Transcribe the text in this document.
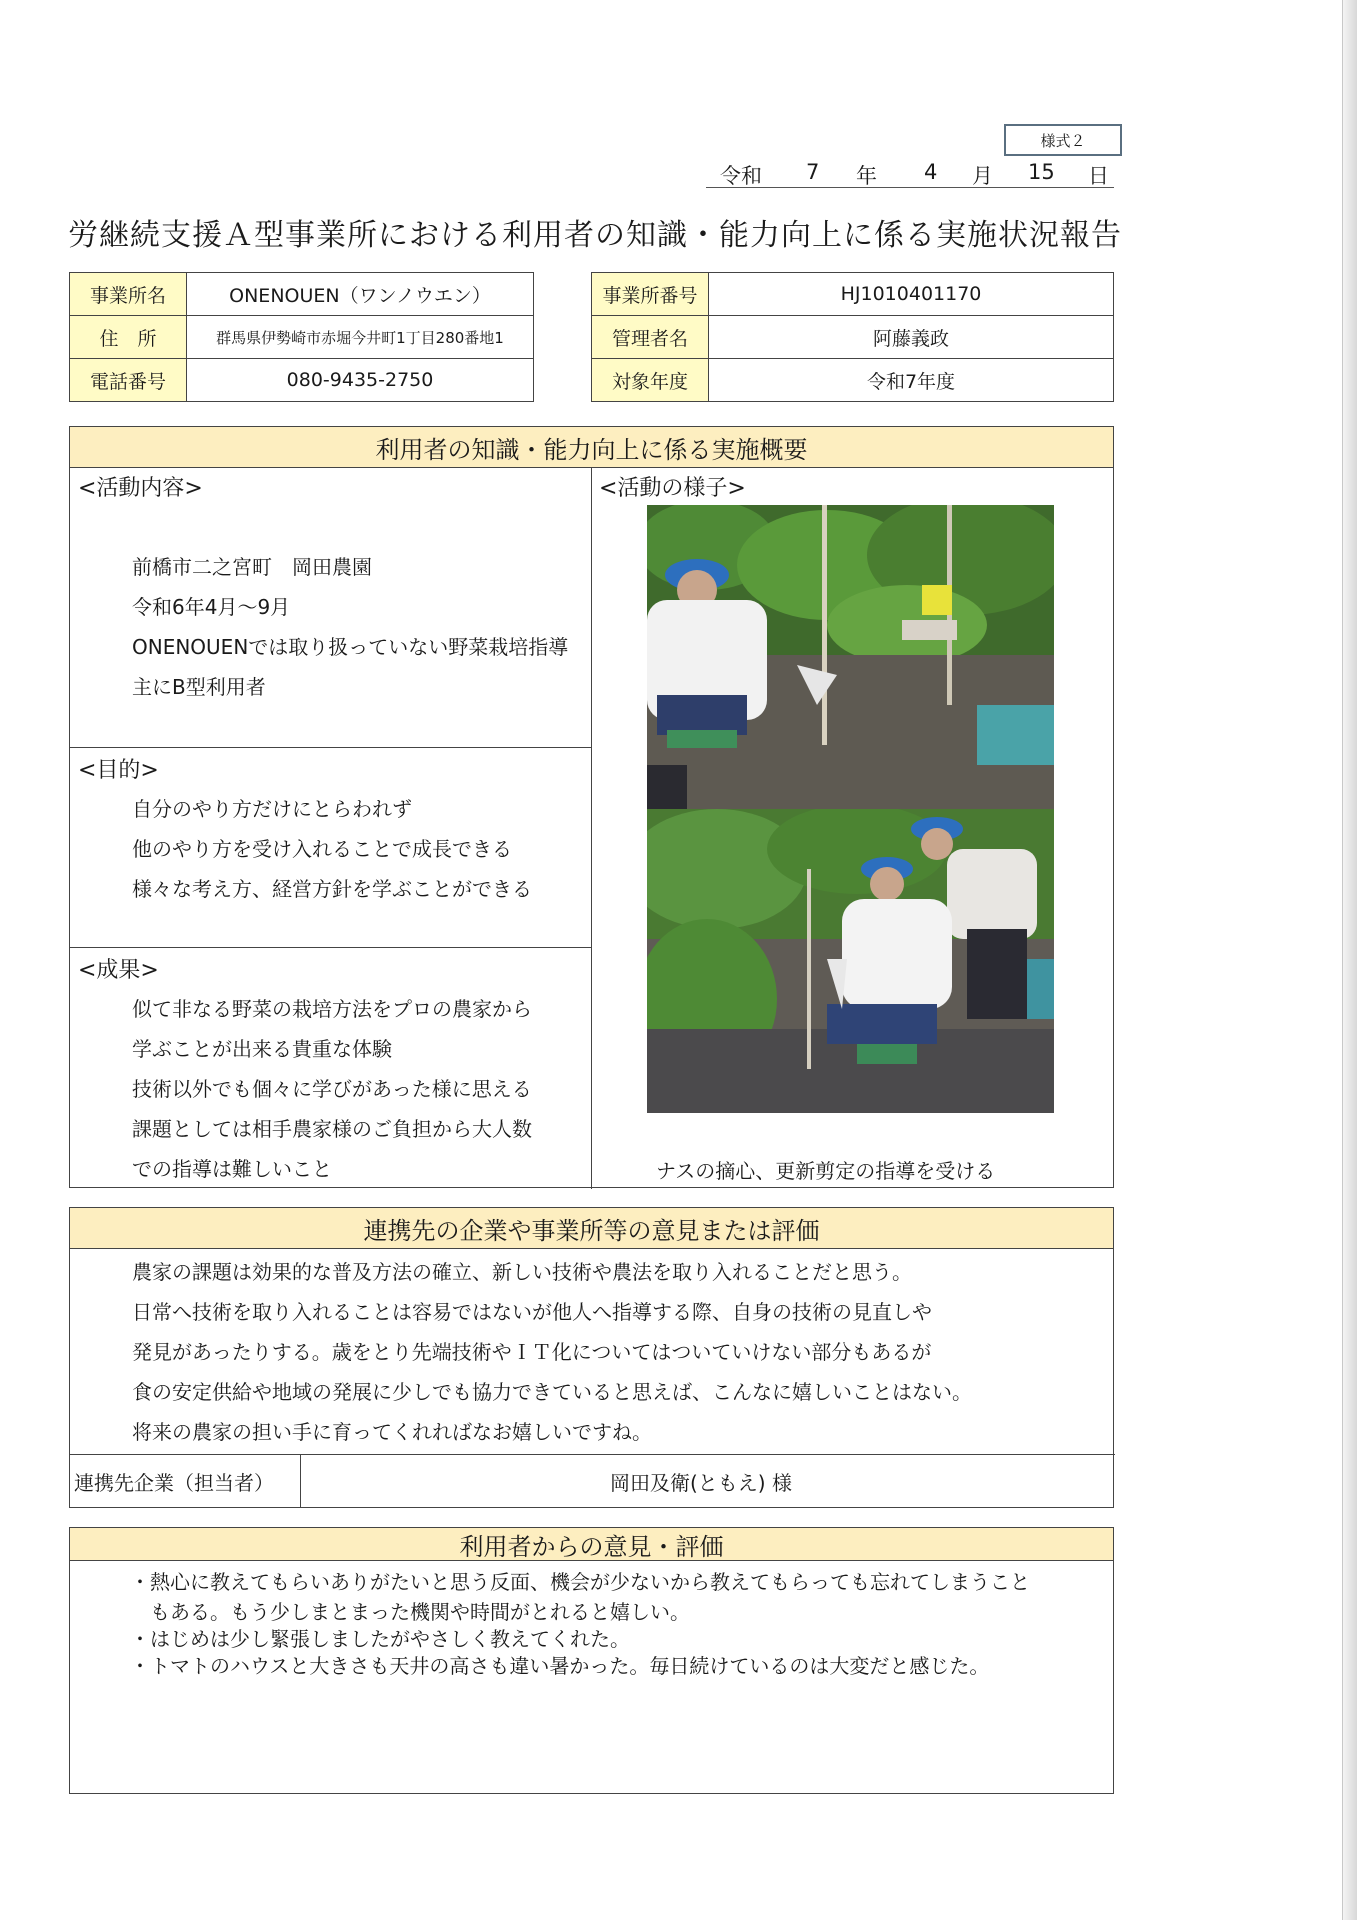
様式２
令和 7 年 4 月 15 日
労継続支援Ａ型事業所における利用者の知識・能力向上に係る実施状況報告
事業所名	ONENOUEN（ワンノウエン）
住　所	群馬県伊勢崎市赤堀今井町1丁目280番地1
電話番号	080-9435-2750
事業所番号	HJ1010401170
管理者名	阿藤義政
対象年度	令和7年度
利用者の知識・能力向上に係る実施概要
<活動内容>
前橋市二之宮町　岡田農園
令和6年4月～9月
ONENOUENでは取り扱っていない野菜栽培指導
主にB型利用者
<目的>
自分のやり方だけにとらわれず
他のやり方を受け入れることで成長できる
様々な考え方、経営方針を学ぶことができる
<成果>
似て非なる野菜の栽培方法をプロの農家から
学ぶことが出来る貴重な体験
技術以外でも個々に学びがあった様に思える
課題としては相手農家様のご負担から大人数
での指導は難しいこと
<活動の様子>
ナスの摘心、更新剪定の指導を受ける
連携先の企業や事業所等の意見または評価
農家の課題は効果的な普及方法の確立、新しい技術や農法を取り入れることだと思う。
日常へ技術を取り入れることは容易ではないが他人へ指導する際、自身の技術の見直しや
発見があったりする。歳をとり先端技術やＩＴ化についてはついていけない部分もあるが
食の安定供給や地域の発展に少しでも協力できていると思えば、こんなに嬉しいことはない。
将来の農家の担い手に育ってくれればなお嬉しいですね。
連携先企業（担当者）	岡田及衛(ともえ) 様
利用者からの意見・評価
・熱心に教えてもらいありがたいと思う反面、機会が少ないから教えてもらっても忘れてしまうこと
　もある。もう少しまとまった機関や時間がとれると嬉しい。
・はじめは少し緊張しましたがやさしく教えてくれた。
・トマトのハウスと大きさも天井の高さも違い暑かった。毎日続けているのは大変だと感じた。
